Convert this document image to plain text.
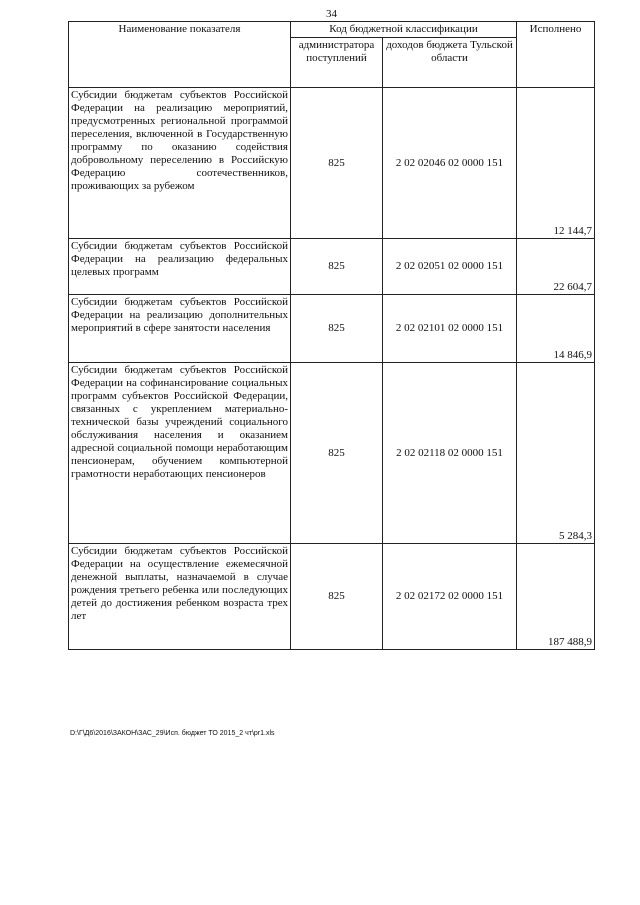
34
Наименование показателя	Код бюджетной классификации		Исполнено
	администратора поступлений	доходов бюджета Тульской области	
Субсидии бюджетам субъектов Российской Федерации на реализацию мероприятий, предусмотренных региональной программой переселения, включенной в Государственную программу по оказанию содействия добровольному переселению в Российскую Федерацию соотечественников, проживающих за рубежом	825	2 02 02046 02 0000 151	12 144,7
Субсидии бюджетам субъектов Российской Федерации на реализацию федеральных целевых программ	825	2 02 02051 02 0000 151	22 604,7
Субсидии бюджетам субъектов Российской Федерации на реализацию дополнительных мероприятий в сфере занятости населения	825	2 02 02101 02 0000 151	14 846,9
Субсидии бюджетам субъектов Российской Федерации на софинансирование социальных программ субъектов Российской Федерации, связанных с укреплением материально-технической базы учреждений социального обслуживания населения и оказанием адресной социальной помощи неработающим пенсионерам, обучением компьютерной грамотности неработающих пенсионеров	825	2 02 02118 02 0000 151	5 284,3
Субсидии бюджетам субъектов Российской Федерации на осуществление ежемесячной денежной выплаты, назначаемой в случае рождения третьего ребенка или последующих детей до достижения ребенком возраста трех лет	825	2 02 02172 02 0000 151	187 488,9
D:\Г\Д6\2016\ЗАКОН\ЗАС_29\Исп. бюджет ТО 2015_2 чт\рr1.xls
